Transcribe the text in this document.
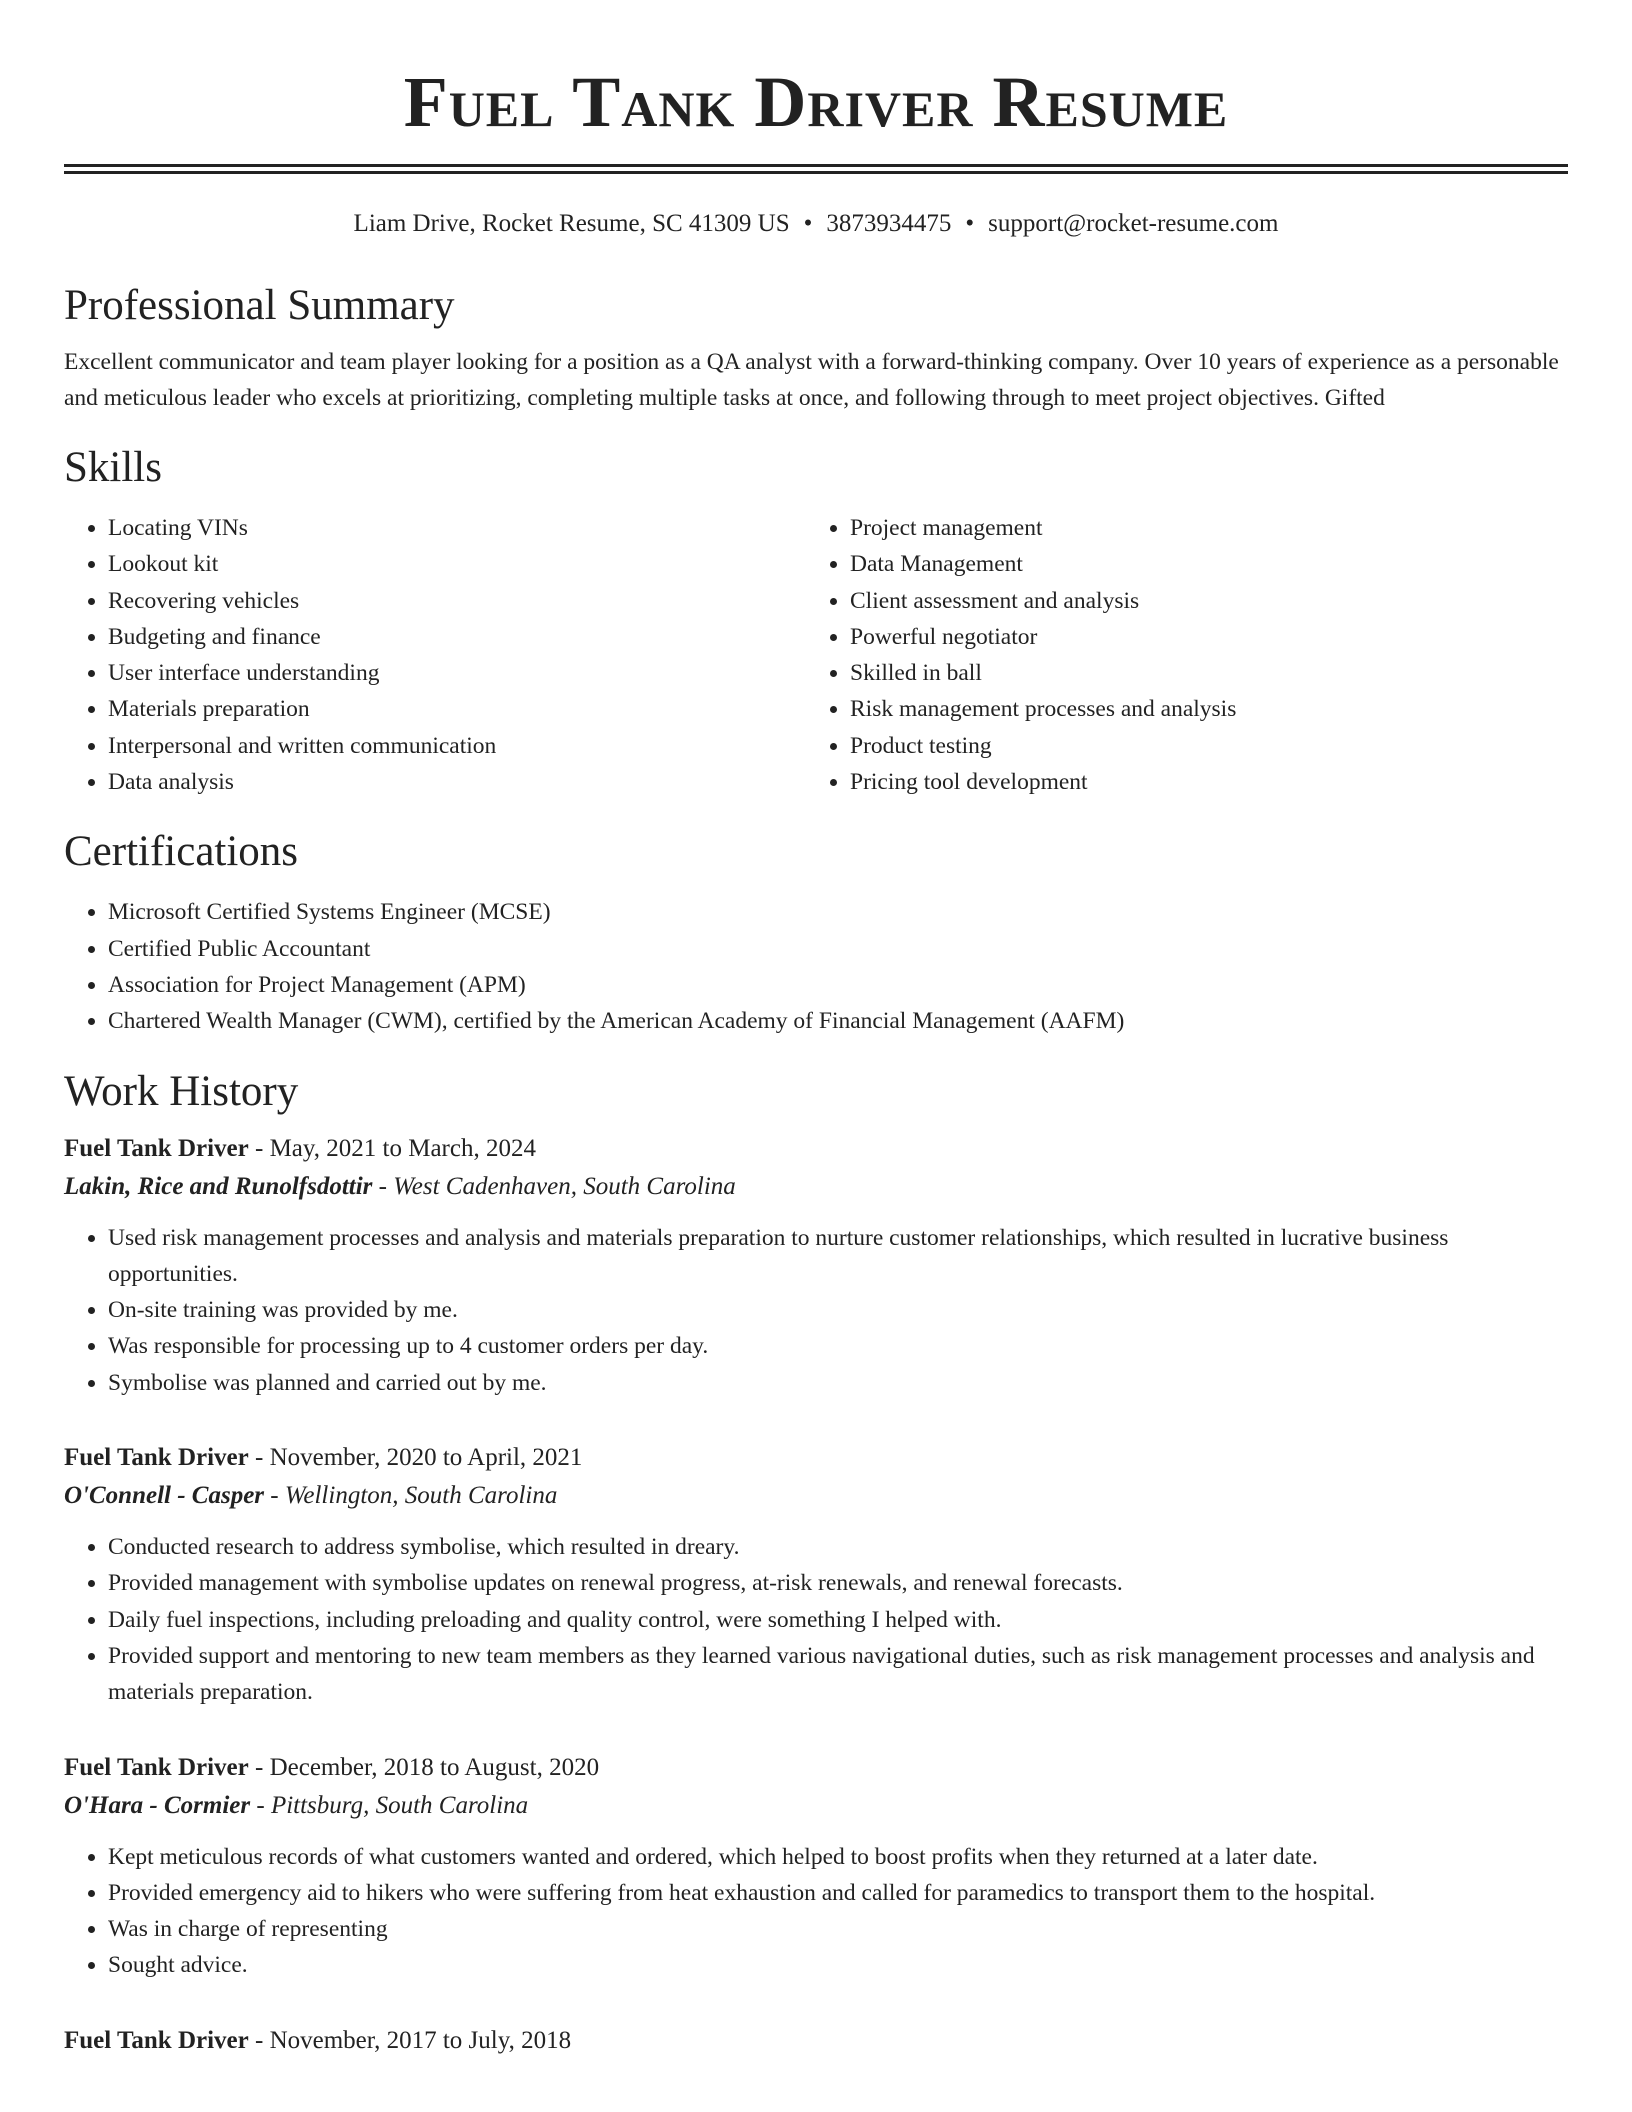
Fuel Tank Driver Resume
Liam Drive, Rocket Resume, SC 41309 US • 3873934475 • support@rocket-resume.com
Professional Summary

Excellent communicator and team player looking for a position as a QA analyst with a forward-thinking company. Over 10 years of experience as a personable and meticulous leader who excels at prioritizing, completing multiple tasks at once, and following through to meet project objectives. Gifted

Skills
• Locating VINs
• Lookout kit
• Recovering vehicles
• Budgeting and finance
• User interface understanding
• Materials preparation
• Interpersonal and written communication
• Data analysis
• Project management
• Data Management
• Client assessment and analysis
• Powerful negotiator
• Skilled in ball
• Risk management processes and analysis
• Product testing
• Pricing tool development
Certifications
• Microsoft Certified Systems Engineer (MCSE)
• Certified Public Accountant
• Association for Project Management (APM)
• Chartered Wealth Manager (CWM), certified by the American Academy of Financial Management (AAFM)
Work History
Fuel Tank Driver - May, 2021 to March, 2024
Lakin, Rice and Runolfsdottir - West Cadenhaven, South Carolina
• Used risk management processes and analysis and materials preparation to nurture customer relationships, which resulted in lucrative business opportunities.
• On-site training was provided by me.
• Was responsible for processing up to 4 customer orders per day.
• Symbolise was planned and carried out by me.
Fuel Tank Driver - November, 2020 to April, 2021
O'Connell - Casper - Wellington, South Carolina
• Conducted research to address symbolise, which resulted in dreary.
• Provided management with symbolise updates on renewal progress, at-risk renewals, and renewal forecasts.
• Daily fuel inspections, including preloading and quality control, were something I helped with.
• Provided support and mentoring to new team members as they learned various navigational duties, such as risk management processes and analysis and materials preparation.
Fuel Tank Driver - December, 2018 to August, 2020
O'Hara - Cormier - Pittsburg, South Carolina
• Kept meticulous records of what customers wanted and ordered, which helped to boost profits when they returned at a later date.
• Provided emergency aid to hikers who were suffering from heat exhaustion and called for paramedics to transport them to the hospital.
• Was in charge of representing
• Sought advice.
Fuel Tank Driver - November, 2017 to July, 2018
